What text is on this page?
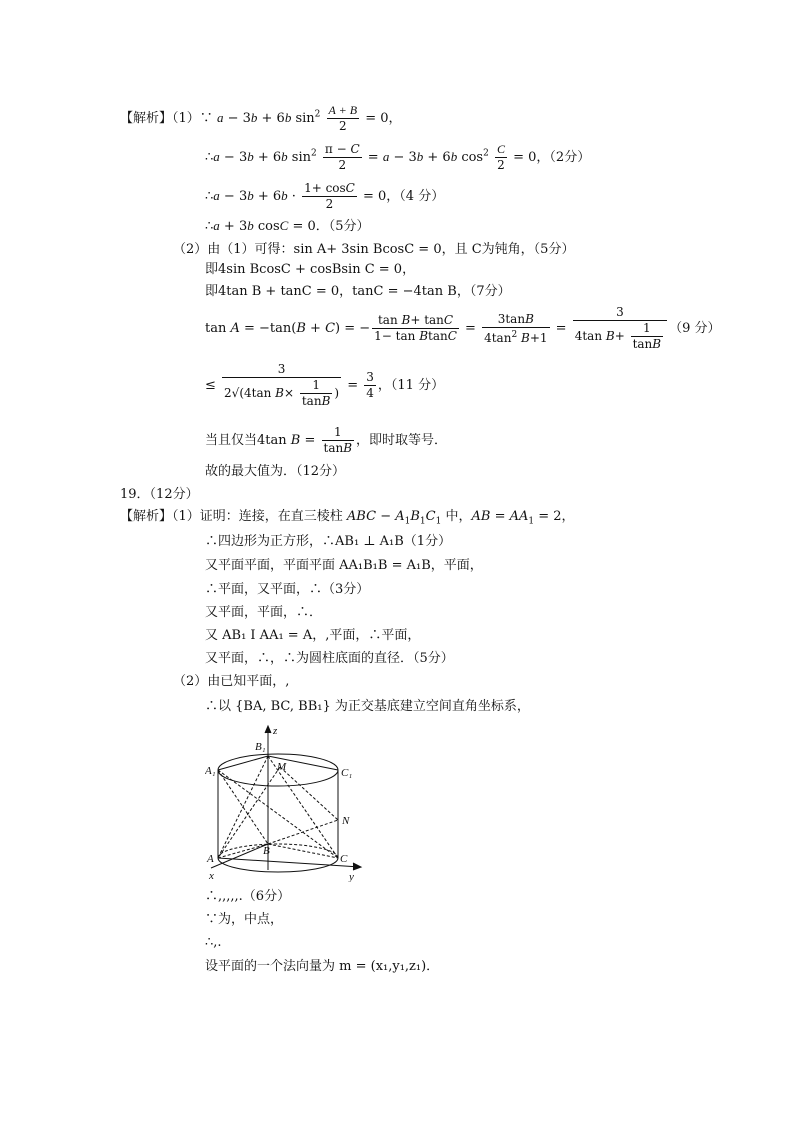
【解析】（1）∵ a − 3b + 6b $\sin^2 \frac{A + B}{2} = 0$，
∴a − 3b + 6b $\sin^2 \frac{\pi - C}{2} = a - 3b + 6b$ $\cos^2 \frac{C}{2} = 0$，（2分）
∴a − $3b + 6b \cdot \frac{1+ \cos C}{2} = 0$，（4 分）
∴a + 3b cosC = 0．（5分）
（2）由（1）可得：sin A+ 3sin BcosC = 0，且 C为钝角，（5分）
即4sin BcosC + cosBsin C = 0，
即4tan B + tanC = 0，tanC = −4tan B，（7分）
tan A = −tan(B + C) = − $\frac{\text{tan B+ tanC}}{\text{1− tan BtanC}} = \frac{3\tan B}{4\tan^2 B+1} = \frac{3}{4\tan B+ \frac{1}{\tan B}} (9$ 分）
≤ $\frac{3}{2√(4\tan B\times \frac{1}{\tan B} )} = \frac{3}{4}$ ，（11 分）
当且仅当4tan $B = \frac{1}{\tan B}$ ，即时取等号．
故的最大值为．（12分）
19．（12分）
【解析】（1）证明：连接，在直三棱柱 ABC − $A_1B_1C_1$ 中，AB = $AA_1 = 2$，
∴四边形为正方形，∴AB₁ ⊥ A₁B（1分）
又平面平面，平面平面 AA₁B₁B = A₁B，平面，
∴平面，又平面，∴（3分）
又平面，平面，∴．
又 AB₁ I AA₁ = A，,平面，∴平面，
又平面，∴，∴为圆柱底面的直径．（5分）
（2）由已知平面，,
∴以 {BA, BC, BB₁} 为正交基底建立空间直角坐标系，
z
B₁
A₁	M	C₁
N
A
B
C
x	y
∴,,,,,.（6分）
∵为，中点，
∴,.
设平面的一个法向量为 m = (x₁,y₁,z₁)．
